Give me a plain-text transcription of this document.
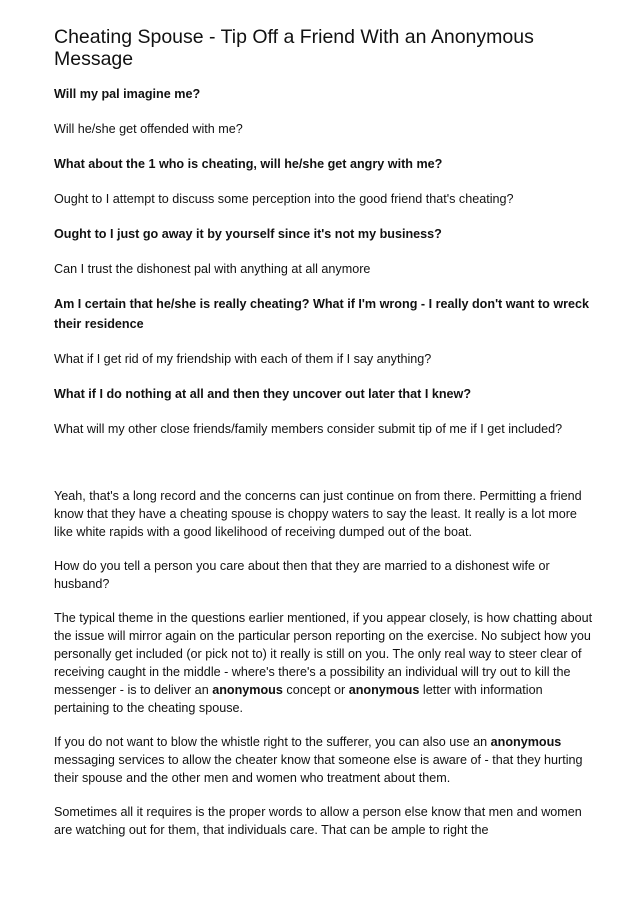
Cheating Spouse - Tip Off a Friend With an Anonymous Message

Will my pal imagine me?

Will he/she get offended with me?

What about the 1 who is cheating, will he/she get angry with me?

Ought to I attempt to discuss some perception into the good friend that's cheating?

Ought to I just go away it by yourself since it's not my business?

Can I trust the dishonest pal with anything at all anymore

Am I certain that he/she is really cheating? What if I'm wrong - I really don't want to wreck their residence

What if I get rid of my friendship with each of them if I say anything?

What if I do nothing at all and then they uncover out later that I knew?

What will my other close friends/family members consider submit tip of me if I get included?

Yeah, that's a long record and the concerns can just continue on from there. Permitting a friend know that they have a cheating spouse is choppy waters to say the least. It really is a lot more like white rapids with a good likelihood of receiving dumped out of the boat.

How do you tell a person you care about then that they are married to a dishonest wife or husband?

The typical theme in the questions earlier mentioned, if you appear closely, is how chatting about the issue will mirror again on the particular person reporting on the exercise. No subject how you personally get included (or pick not to) it really is still on you. The only real way to steer clear of receiving caught in the middle - where's there's a possibility an individual will try out to kill the messenger - is to deliver an anonymous concept or anonymous letter with information pertaining to the cheating spouse.

If you do not want to blow the whistle right to the sufferer, you can also use an anonymous messaging services to allow the cheater know that someone else is aware of - that they hurting their spouse and the other men and women who treatment about them.

Sometimes all it requires is the proper words to allow a person else know that men and women are watching out for them, that individuals care. That can be ample to right the
